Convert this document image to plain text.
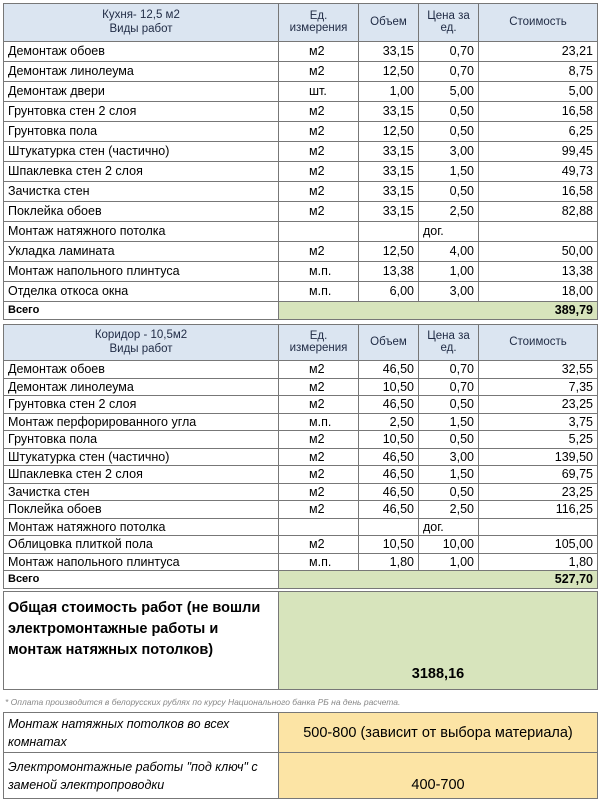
Кухня- 12,5 м2
Виды работ	Ед. измерения	Объем	Цена за ед.	Стоимость
Демонтаж обоев	м2	33,15	0,70	23,21
Демонтаж линолеума	м2	12,50	0,70	8,75
Демонтаж двери	шт.	1,00	5,00	5,00
Грунтовка стен 2 слоя	м2	33,15	0,50	16,58
Грунтовка пола	м2	12,50	0,50	6,25
Штукатурка стен (частично)	м2	33,15	3,00	99,45
Шпаклевка стен 2 слоя	м2	33,15	1,50	49,73
Зачистка стен	м2	33,15	0,50	16,58
Поклейка обоев	м2	33,15	2,50	82,88
Монтаж натяжного потолка			дог.	
Укладка ламината	м2	12,50	4,00	50,00
Монтаж напольного плинтуса	м.п.	13,38	1,00	13,38
Отделка откоса окна	м.п.	6,00	3,00	18,00
Всего	389,79			
Коридор - 10,5м2
Виды работ	Ед. измерения	Объем	Цена за ед.	Стоимость
Демонтаж обоев	м2	46,50	0,70	32,55
Демонтаж линолеума	м2	10,50	0,70	7,35
Грунтовка стен 2 слоя	м2	46,50	0,50	23,25
Монтаж перфорированного угла	м.п.	2,50	1,50	3,75
Грунтовка пола	м2	10,50	0,50	5,25
Штукатурка стен (частично)	м2	46,50	3,00	139,50
Шпаклевка стен 2 слоя	м2	46,50	1,50	69,75
Зачистка стен	м2	46,50	0,50	23,25
Поклейка обоев	м2	46,50	2,50	116,25
Монтаж натяжного потолка			дог.	
Облицовка плиткой пола	м2	10,50	10,00	105,00
Монтаж напольного плинтуса	м.п.	1,80	1,00	1,80
Всего	527,70			
Общая стоимость работ (не вошли электромонтажные работы и монтаж натяжных потолков)	3188,16
* Оплата производится в белорусских рублях по курсу Национального банка РБ на день расчета.
Монтаж натяжных потолков во всех комнатах	500-800 (зависит от выбора материала)
Электромонтажные работы "под ключ" с заменой электропроводки	400-700
